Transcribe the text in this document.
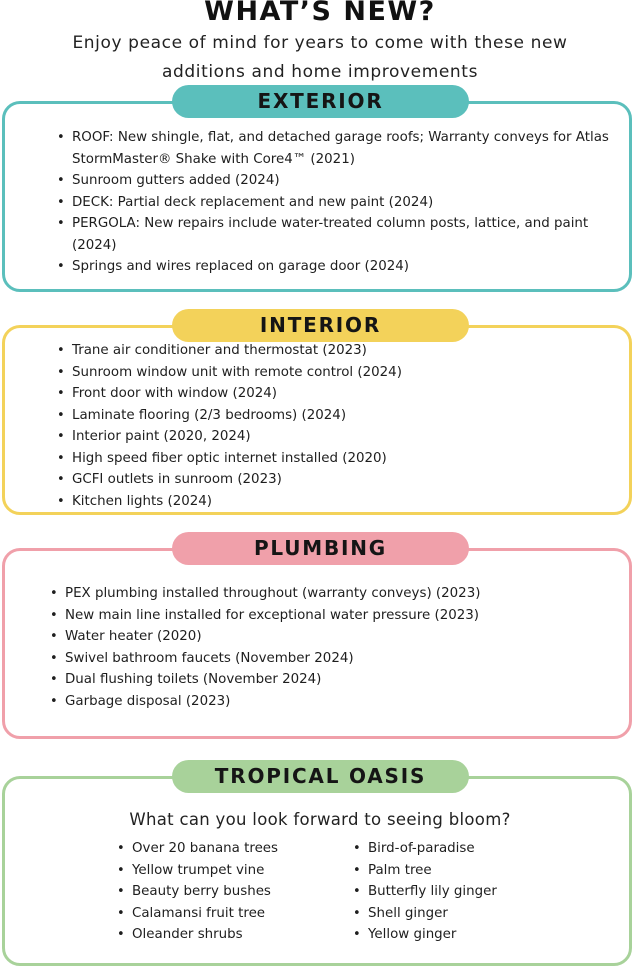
WHAT’S NEW?
Enjoy peace of mind for years to come with these new
additions and home improvements
EXTERIOR
• ROOF: New shingle, flat, and detached garage roofs; Warranty conveys for Atlas StormMaster® Shake with Core4™ (2021)
• Sunroom gutters added (2024)
• DECK: Partial deck replacement and new paint (2024)
• PERGOLA: New repairs include water-treated column posts, lattice, and paint (2024)
• Springs and wires replaced on garage door (2024)
INTERIOR
• Trane air conditioner and thermostat (2023)
• Sunroom window unit with remote control (2024)
• Front door with window (2024)
• Laminate flooring (2/3 bedrooms) (2024)
• Interior paint (2020, 2024)
• High speed fiber optic internet installed (2020)
• GCFI outlets in sunroom (2023)
• Kitchen lights (2024)
PLUMBING
• PEX plumbing installed throughout (warranty conveys) (2023)
• New main line installed for exceptional water pressure (2023)
• Water heater (2020)
• Swivel bathroom faucets (November 2024)
• Dual flushing toilets (November 2024)
• Garbage disposal (2023)
TROPICAL OASIS
What can you look forward to seeing bloom?
• Over 20 banana trees
• Yellow trumpet vine
• Beauty berry bushes
• Calamansi fruit tree
• Oleander shrubs
• Bird-of-paradise
• Palm tree
• Butterfly lily ginger
• Shell ginger
• Yellow ginger
